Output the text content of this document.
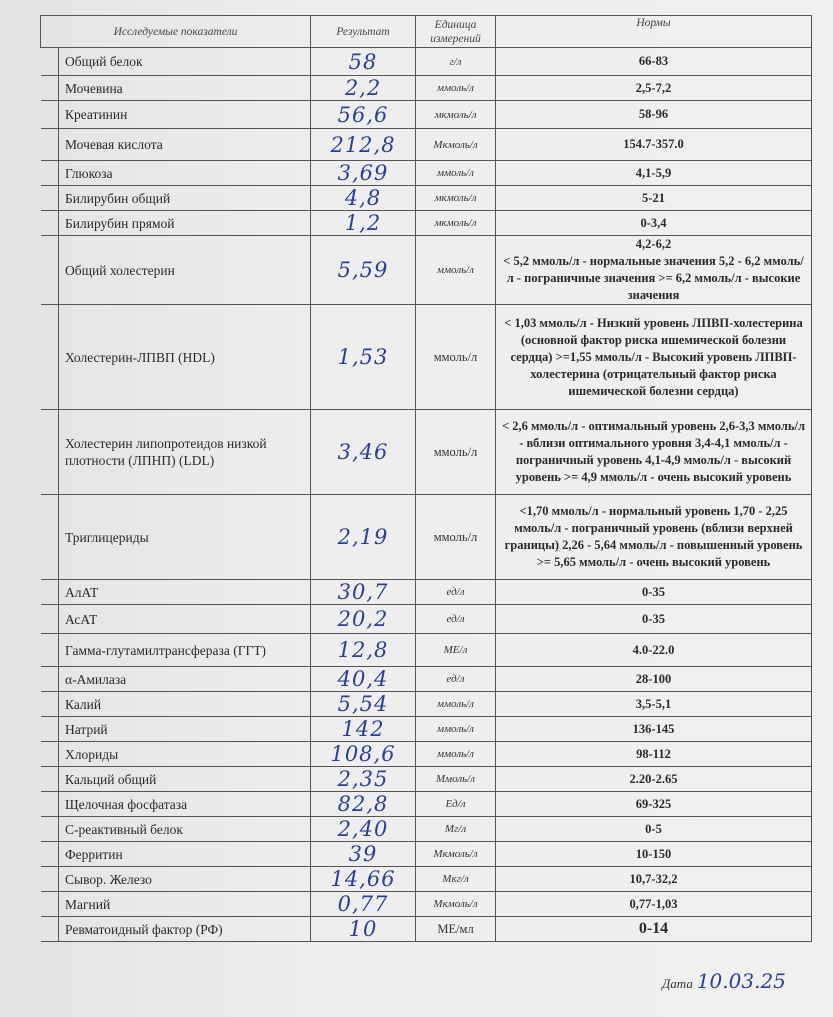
Исследуемые показатели		Результат	Единица измерений	Нормы
	Общий белок	58	г/л	66-83
	Мочевина	2,2	ммоль/л	2,5-7,2
	Креатинин	56,6	мкмоль/л	58-96
	Мочевая кислота	212,8	Мкмоль/л	154.7-357.0
	Глюкоза	3,69	ммоль/л	4,1-5,9
	Билирубин общий	4,8	мкмоль/л	5-21
	Билирубин прямой	1,2	мкмоль/л	0-3,4
	Общий холестерин	5,59	ммоль/л	4,2-6,2
< 5,2 ммоль/л - нормальные значения 5,2 - 6,2 ммоль/л - пограничные значения >= 6,2 ммоль/л - высокие значения
	Холестерин-ЛПВП (HDL)	1,53	ммоль/л	< 1,03 ммоль/л - Низкий уровень ЛПВП-холестерина (основной фактор риска ишемической болезни сердца) >=1,55 ммоль/л - Высокий уровень ЛПВП-холестерина (отрицательный фактор риска ишемической болезни сердца)
	Холестерин липопротеидов низкой плотности (ЛПНП) (LDL)	3,46	ммоль/л	< 2,6 ммоль/л - оптимальный уровень 2,6-3,3 ммоль/л - вблизи оптимального уровня 3,4-4,1 ммоль/л - пограничный уровень 4,1-4,9 ммоль/л - высокий уровень >= 4,9 ммоль/л - очень высокий уровень
	Триглицериды	2,19	ммоль/л	<1,70 ммоль/л - нормальный уровень 1,70 - 2,25 ммоль/л - пограничный уровень (вблизи верхней границы) 2,26 - 5,64 ммоль/л - повышенный уровень >= 5,65 ммоль/л - очень высокий уровень
	АлАТ	30,7	ед/л	0-35
	АсАТ	20,2	ед/л	0-35
	Гамма-глутамилтрансфераза (ГГТ)	12,8	МЕ/л	4.0-22.0
	α-Амилаза	40,4	ед/л	28-100
	Калий	5,54	ммоль/л	3,5-5,1
	Натрий	142	ммоль/л	136-145
	Хлориды	108,6	ммоль/л	98-112
	Кальций общий	2,35	Ммоль/л	2.20-2.65
	Щелочная фосфатаза	82,8	Ед/л	69-325
	С-реактивный белок	2,40	Мг/л	0-5
	Ферритин	39	Мкмоль/л	10-150
	Сывор. Железо	14,66	Мкг/л	10,7-32,2
	Магний	0,77	Мкмоль/л	0,77-1,03
	Ревматоидный фактор (РФ)	10	МЕ/мл	0-14
Дата 10.03.25
